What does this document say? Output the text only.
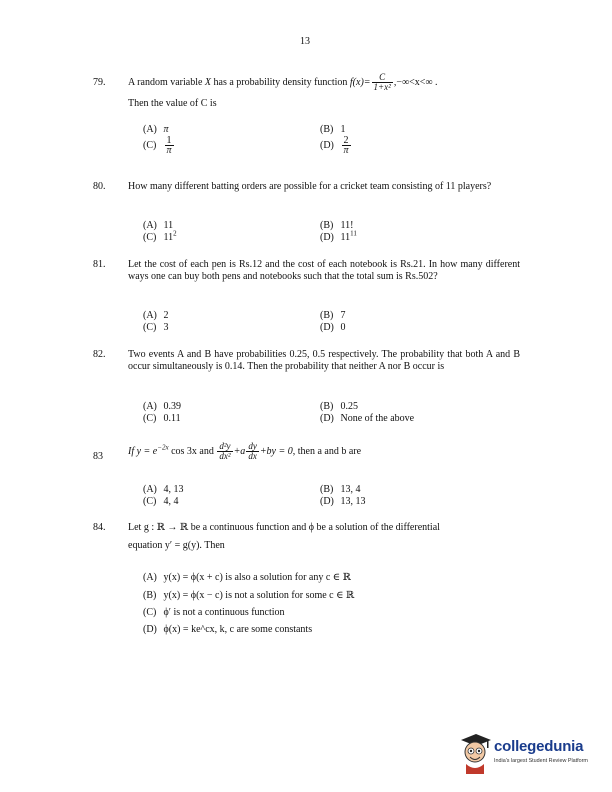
13
79. A random variable X has a probability density function $f(x)= \frac{C}{\text{1+x²}} ,-\infty<x<\infty$ .
Then the value of C is
(A) π	(B) 1
$(C) \frac{1}{\pi}$	$(D) \frac{2}{\pi}$
80. How many different batting orders are possible for a cricket team consisting of 11 players?
(A) 11	(B) 11!
(C) $11^2$	(D) $11^{11}$
81. Let the cost of each pen is Rs.12 and the cost of each notebook is Rs.21. In how many different ways one can buy both pens and notebooks such that the total sum is Rs.502?
(A) 2	(B) 7
(C) 3	(D) 0
82. Two events A and B have probabilities 0.25, 0.5 respectively. The probability that both A and B occur simultaneously is 0.14. Then the probability that neither A nor B occur is
(A) 0.39	(B) 0.25
(C) 0.11	(D) None of the above
83	If $y = e^{-2x}$ cos 3x and $\frac{\text{d²y}}{\text{dx²}} +a \frac{dy}{dx} +by = 0$, then a and b are
(A) 4, 13	(B) 13, 4
(C) 4, 4	(D) 13, 13
84. Let g : ℝ → ℝ be a continuous function and ϕ be a solution of the differential
equation y′ = g(y). Then
(A) y(x) = ϕ(x + c) is also a solution for any c ∈ ℝ
(B) y(x) = ϕ(x − c) is not a solution for some c ∈ ℝ
(C) ϕ′ is not a continuous function
(D) ϕ(x) = ke^cx, k, c are some constants
collegedunia
India's largest Student Review Platform
